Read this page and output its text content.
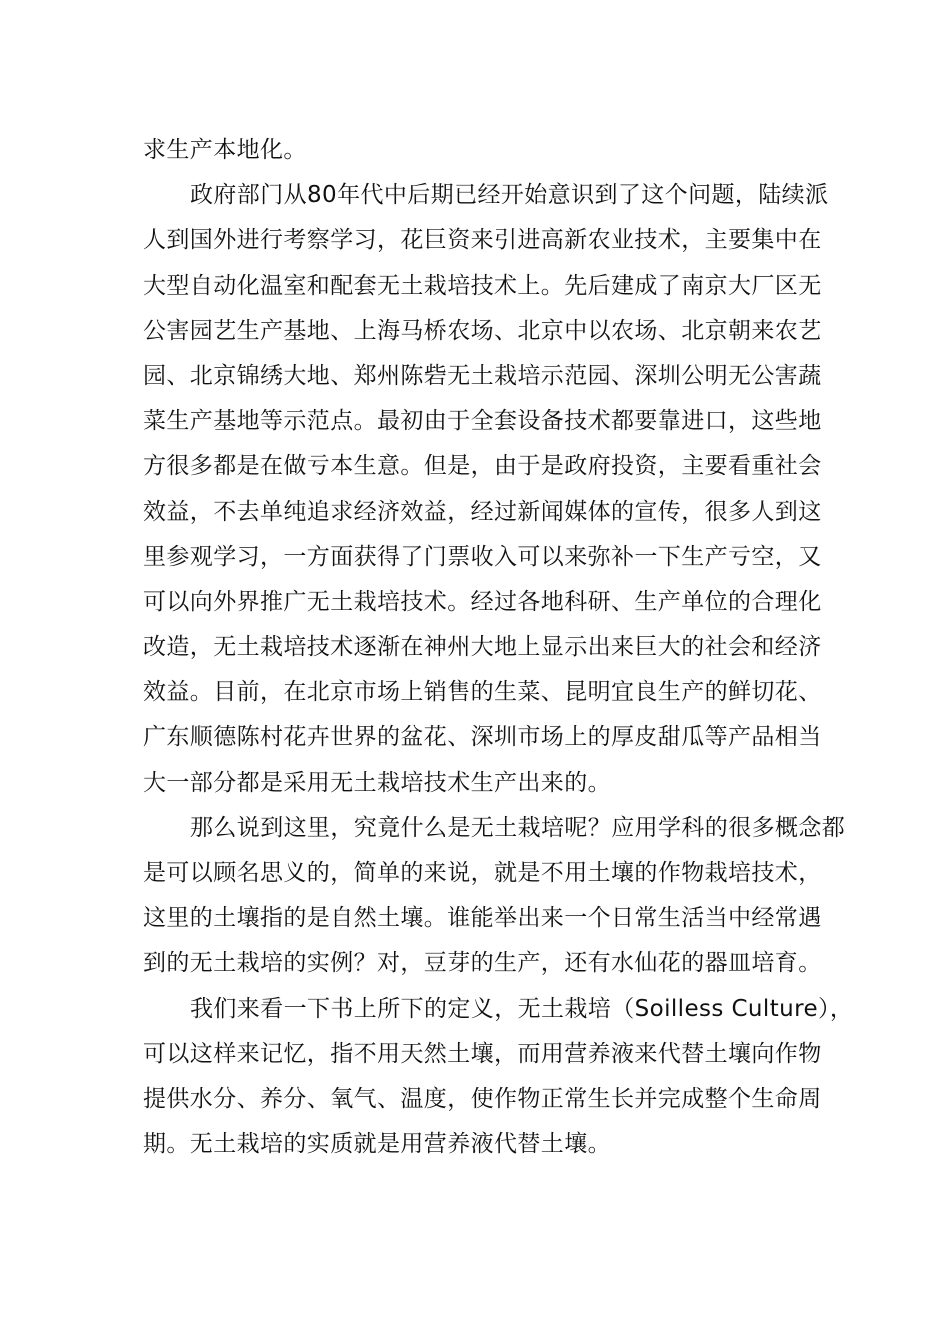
求生产本地化。
政府部门从80年代中后期已经开始意识到了这个问题，陆续派
人到国外进行考察学习，花巨资来引进高新农业技术，主要集中在
大型自动化温室和配套无土栽培技术上。先后建成了南京大厂区无
公害园艺生产基地、上海马桥农场、北京中以农场、北京朝来农艺
园、北京锦绣大地、郑州陈砦无土栽培示范园、深圳公明无公害蔬
菜生产基地等示范点。最初由于全套设备技术都要靠进口，这些地
方很多都是在做亏本生意。但是，由于是政府投资，主要看重社会
效益，不去单纯追求经济效益，经过新闻媒体的宣传，很多人到这
里参观学习，一方面获得了门票收入可以来弥补一下生产亏空，又
可以向外界推广无土栽培技术。经过各地科研、生产单位的合理化
改造，无土栽培技术逐渐在神州大地上显示出来巨大的社会和经济
效益。目前，在北京市场上销售的生菜、昆明宜良生产的鲜切花、
广东顺德陈村花卉世界的盆花、深圳市场上的厚皮甜瓜等产品相当
大一部分都是采用无土栽培技术生产出来的。
那么说到这里，究竟什么是无土栽培呢？应用学科的很多概念都
是可以顾名思义的，简单的来说，就是不用土壤的作物栽培技术，
这里的土壤指的是自然土壤。谁能举出来一个日常生活当中经常遇
到的无土栽培的实例？对，豆芽的生产，还有水仙花的器皿培育。
我们来看一下书上所下的定义，无土栽培（Soilless Culture），
可以这样来记忆，指不用天然土壤，而用营养液来代替土壤向作物
提供水分、养分、氧气、温度，使作物正常生长并完成整个生命周
期。无土栽培的实质就是用营养液代替土壤。
